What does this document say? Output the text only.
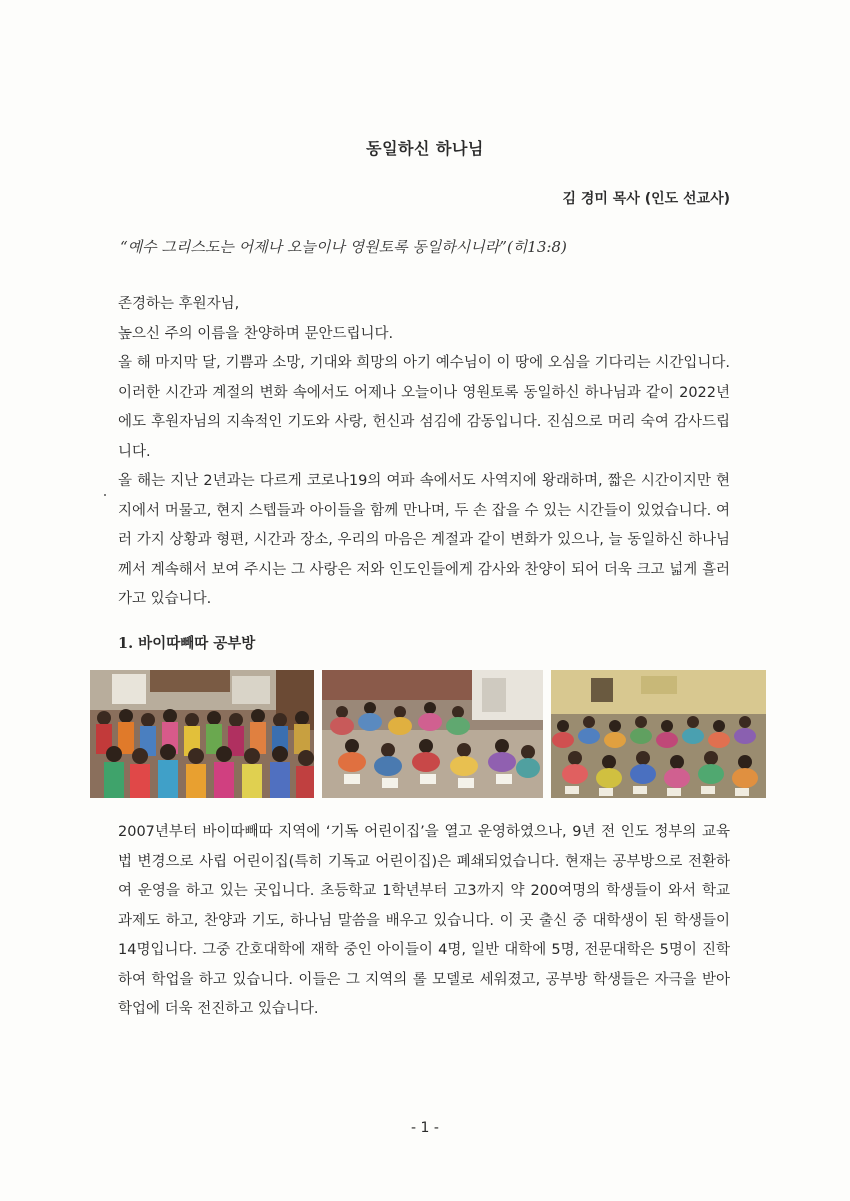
동일하신 하나님
김 경미 목사 (인도 선교사)
“예수 그리스도는 어제나 오늘이나 영원토록 동일하시니라”(히13:8)

존경하는 후원자님,

높으신 주의 이름을 찬양하며 문안드립니다.

올 해 마지막 달, 기쁨과 소망, 기대와 희망의 아기 예수님이 이 땅에 오심을 기다리는 시간입니다. 이러한 시간과 계절의 변화 속에서도 어제나 오늘이나 영원토록 동일하신 하나님과 같이 2022년에도 후원자님의 지속적인 기도와 사랑, 헌신과 섬김에 감동입니다. 진심으로 머리 숙여 감사드립니다.

올 해는 지난 2년과는 다르게 코로나19의 여파 속에서도 사역지에 왕래하며, 짧은 시간이지만 현지에서 머물고, 현지 스텝들과 아이들을 함께 만나며, 두 손 잡을 수 있는 시간들이 있었습니다. 여러 가지 상황과 형편, 시간과 장소, 우리의 마음은 계절과 같이 변화가 있으나, 늘 동일하신 하나님께서 계속해서 보여 주시는 그 사랑은 저와 인도인들에게 감사와 찬양이 되어 더욱 크고 넓게 흘러가고 있습니다.

1. 바이따빼따 공부방

2007년부터 바이따빼따 지역에 ‘기독 어린이집’을 열고 운영하였으나, 9년 전 인도 정부의 교육법 변경으로 사립 어린이집(특히 기독교 어린이집)은 폐쇄되었습니다. 현재는 공부방으로 전환하여 운영을 하고 있는 곳입니다. 초등학교 1학년부터 고3까지 약 200여명의 학생들이 와서 학교 과제도 하고, 찬양과 기도, 하나님 말씀을 배우고 있습니다. 이 곳 출신 중 대학생이 된 학생들이 14명입니다. 그중 간호대학에 재학 중인 아이들이 4명, 일반 대학에 5명, 전문대학은 5명이 진학하여 학업을 하고 있습니다. 이들은 그 지역의 롤 모델로 세워졌고, 공부방 학생들은 자극을 받아 학업에 더욱 전진하고 있습니다.

- 1 -
